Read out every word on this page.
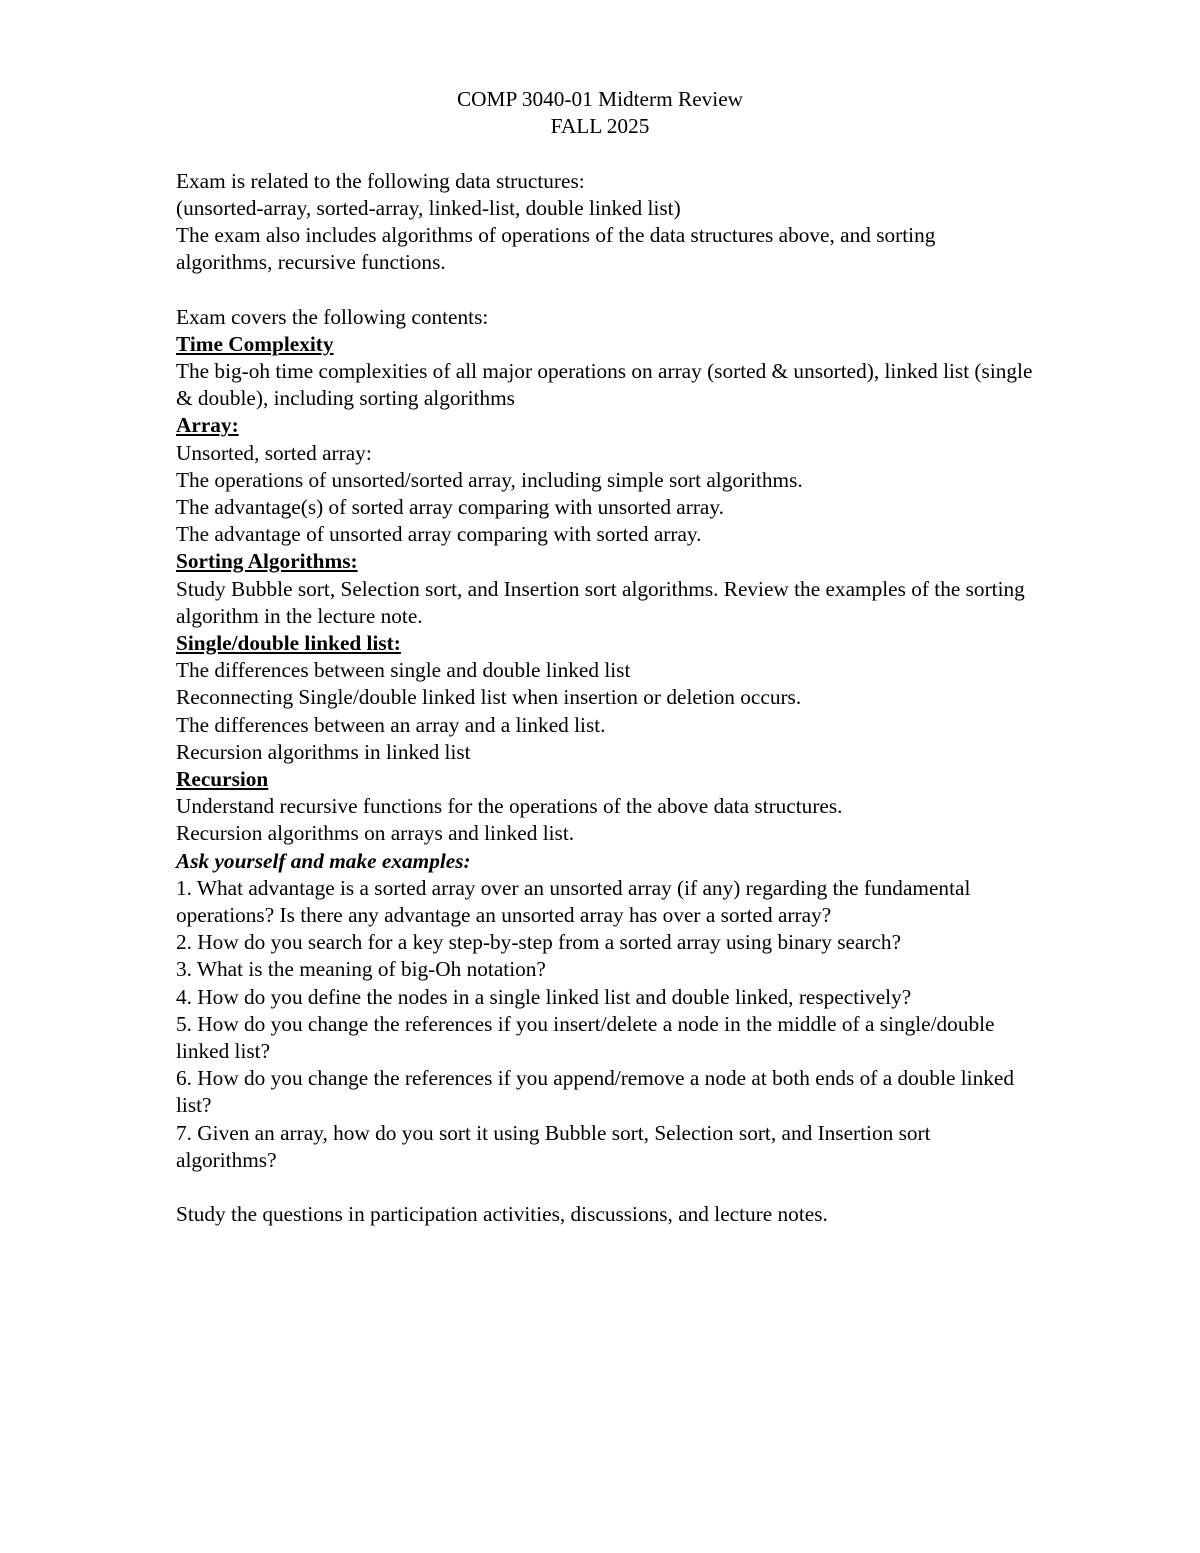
COMP 3040-01 Midterm Review
FALL 2025
Exam is related to the following data structures:
(unsorted-array, sorted-array, linked-list, double linked list)
The exam also includes algorithms of operations of the data structures above, and sorting algorithms, recursive functions.
Exam covers the following contents:
Time Complexity
The big-oh time complexities of all major operations on array (sorted & unsorted), linked list (single & double), including sorting algorithms
Array:
Unsorted, sorted array:
The operations of unsorted/sorted array, including simple sort algorithms.
The advantage(s) of sorted array comparing with unsorted array.
The advantage of unsorted array comparing with sorted array.
Sorting Algorithms:
Study Bubble sort, Selection sort, and Insertion sort algorithms. Review the examples of the sorting algorithm in the lecture note.
Single/double linked list:
The differences between single and double linked list
Reconnecting Single/double linked list when insertion or deletion occurs.
The differences between an array and a linked list.
Recursion algorithms in linked list
Recursion
Understand recursive functions for the operations of the above data structures.
Recursion algorithms on arrays and linked list.
Ask yourself and make examples:
1. What advantage is a sorted array over an unsorted array (if any) regarding the fundamental operations? Is there any advantage an unsorted array has over a sorted array?
2. How do you search for a key step-by-step from a sorted array using binary search?
3. What is the meaning of big-Oh notation?
4. How do you define the nodes in a single linked list and double linked, respectively?
5. How do you change the references if you insert/delete a node in the middle of a single/double linked list?
6. How do you change the references if you append/remove a node at both ends of a double linked list?
7. Given an array, how do you sort it using Bubble sort, Selection sort, and Insertion sort algorithms?
Study the questions in participation activities, discussions, and lecture notes.
